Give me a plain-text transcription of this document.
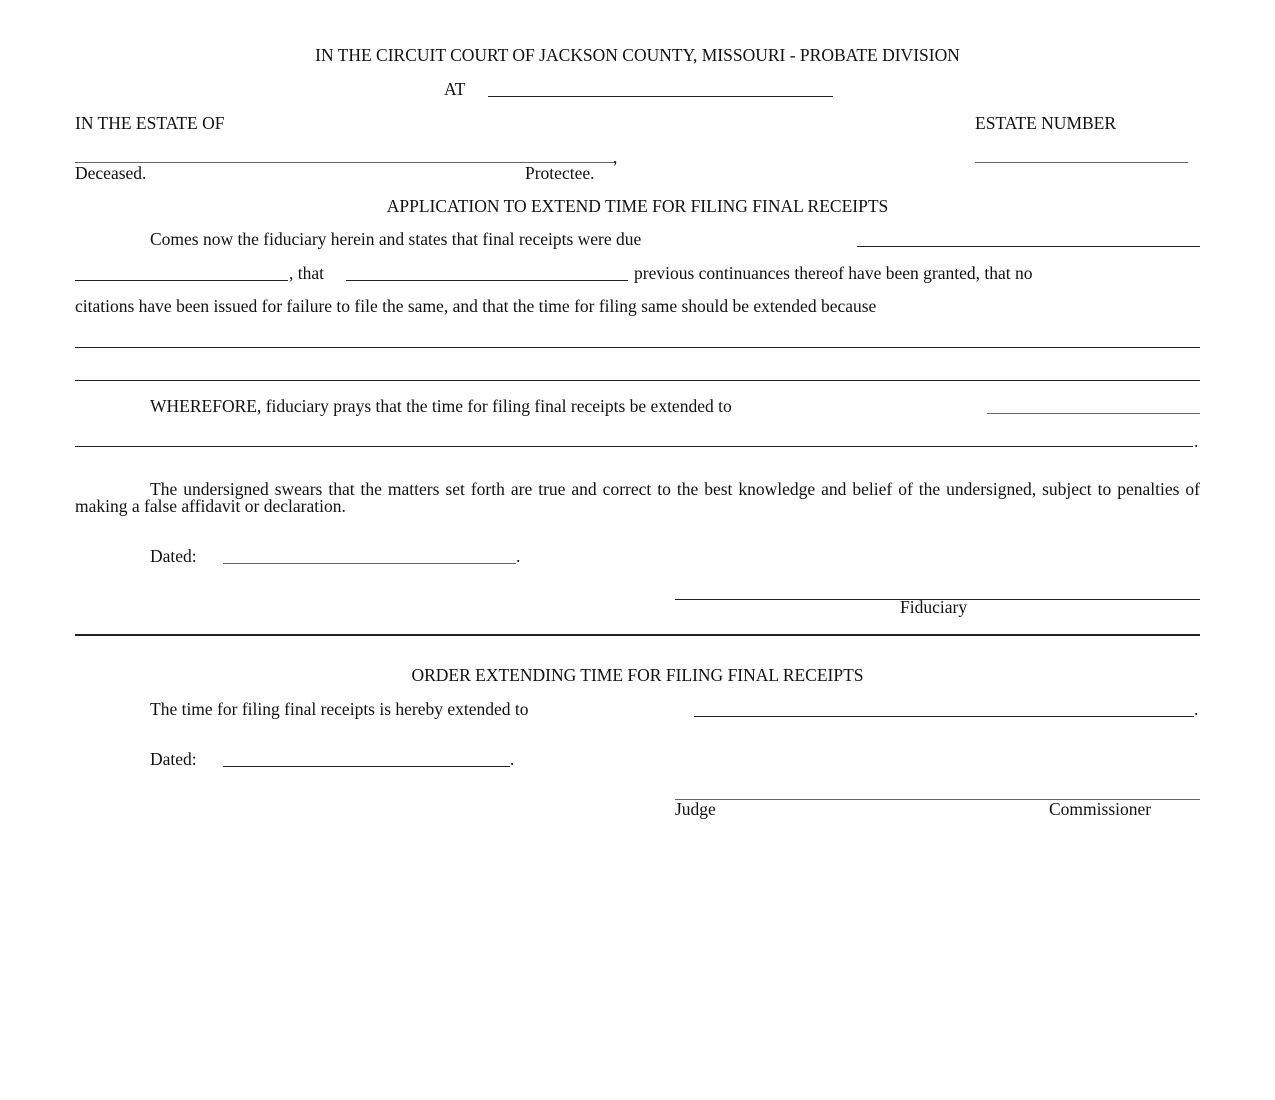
IN THE CIRCUIT COURT OF JACKSON COUNTY, MISSOURI - PROBATE DIVISION
AT
IN THE ESTATE OF	ESTATE NUMBER
,
Deceased.	Protectee.
APPLICATION TO EXTEND TIME FOR FILING FINAL RECEIPTS
Comes now the fiduciary herein and states that final receipts were due
, that	previous continuances thereof have been granted, that no
citations have been issued for failure to file the same, and that the time for filing same should be extended because
WHEREFORE, fiduciary prays that the time for filing final receipts be extended to
.
The undersigned swears that the matters set forth are true and correct to the best knowledge and belief of the undersigned, subject to penalties of making a false affidavit or declaration.
Dated:	.
Fiduciary
ORDER EXTENDING TIME FOR FILING FINAL RECEIPTS
The time for filing final receipts is hereby extended to	.
Dated:	.
Judge	Commissioner
